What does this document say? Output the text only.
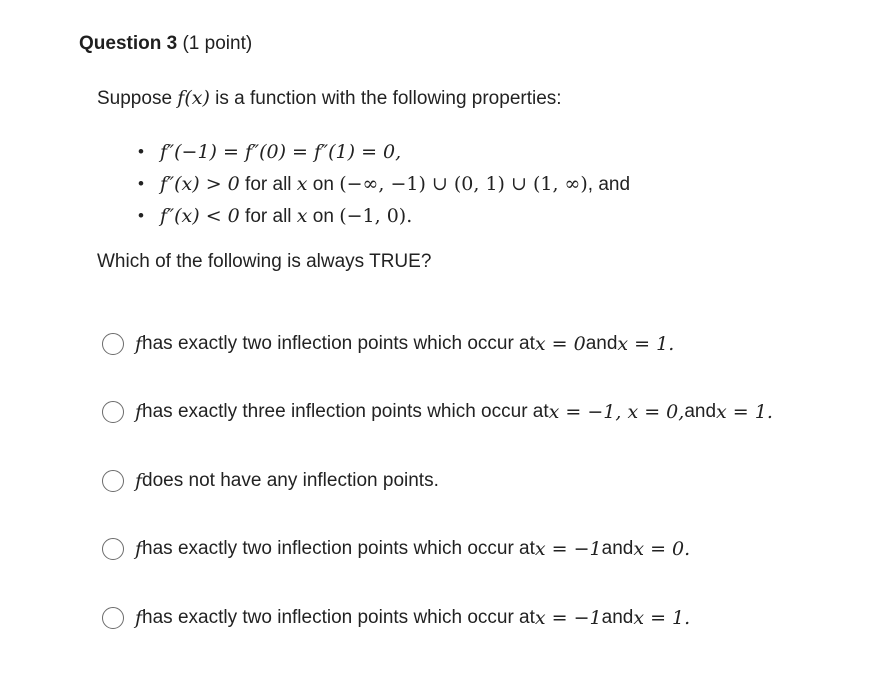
Question 3 (1 point)
Suppose f(x) is a function with the following properties:
• f″(−1) = f″(0) = f″(1) = 0,
• f″(x) > 0 for all x on (−∞, −1) ∪ (0, 1) ∪ (1, ∞), and
• f″(x) < 0 for all x on (−1, 0).
Which of the following is always TRUE?
f has exactly two inflection points which occur at x = 0 and x = 1.
f has exactly three inflection points which occur at x = −1, x = 0, and x = 1.
f does not have any inflection points.
f has exactly two inflection points which occur at x = −1 and x = 0.
f has exactly two inflection points which occur at x = −1 and x = 1.
